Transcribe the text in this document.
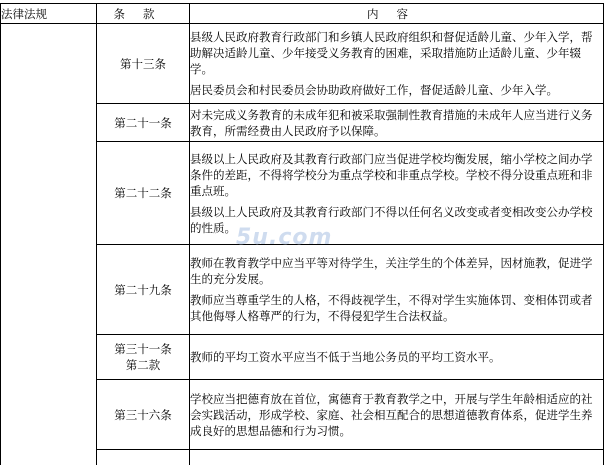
法律法规	条款	内容
	第十三条	县级人民政府教育行政部门和乡镇人民政府组织和督促适龄儿童、少年入学，帮助解决适龄儿童、少年接受义务教育的困难，采取措施防止适龄儿童、少年辍学。

居民委员会和村民委员会协助政府做好工作，督促适龄儿童、少年入学。

	第二十一条	对未完成义务教育的未成年犯和被采取强制性教育措施的未成年人应当进行义务教育，所需经费由人民政府予以保障。

	第二十二条	县级以上人民政府及其教育行政部门应当促进学校均衡发展，缩小学校之间办学条件的差距，不得将学校分为重点学校和非重点学校。学校不得分设重点班和非重点班。

县级以上人民政府及其教育行政部门不得以任何名义改变或者变相改变公办学校的性质。

	第二十九条	教师在教育教学中应当平等对待学生，关注学生的个体差异，因材施教，促进学生的充分发展。

教师应当尊重学生的人格，不得歧视学生，不得对学生实施体罚、变相体罚或者其他侮辱人格尊严的行为，不得侵犯学生合法权益。

	第三十一条
第二款	教师的平均工资水平应当不低于当地公务员的平均工资水平。

	第三十六条	学校应当把德育放在首位，寓德育于教育教学之中，开展与学生年龄相适应的社会实践活动，形成学校、家庭、社会相互配合的思想道德教育体系，促进学生养成良好的思想品德和行为习惯。

5u.com
